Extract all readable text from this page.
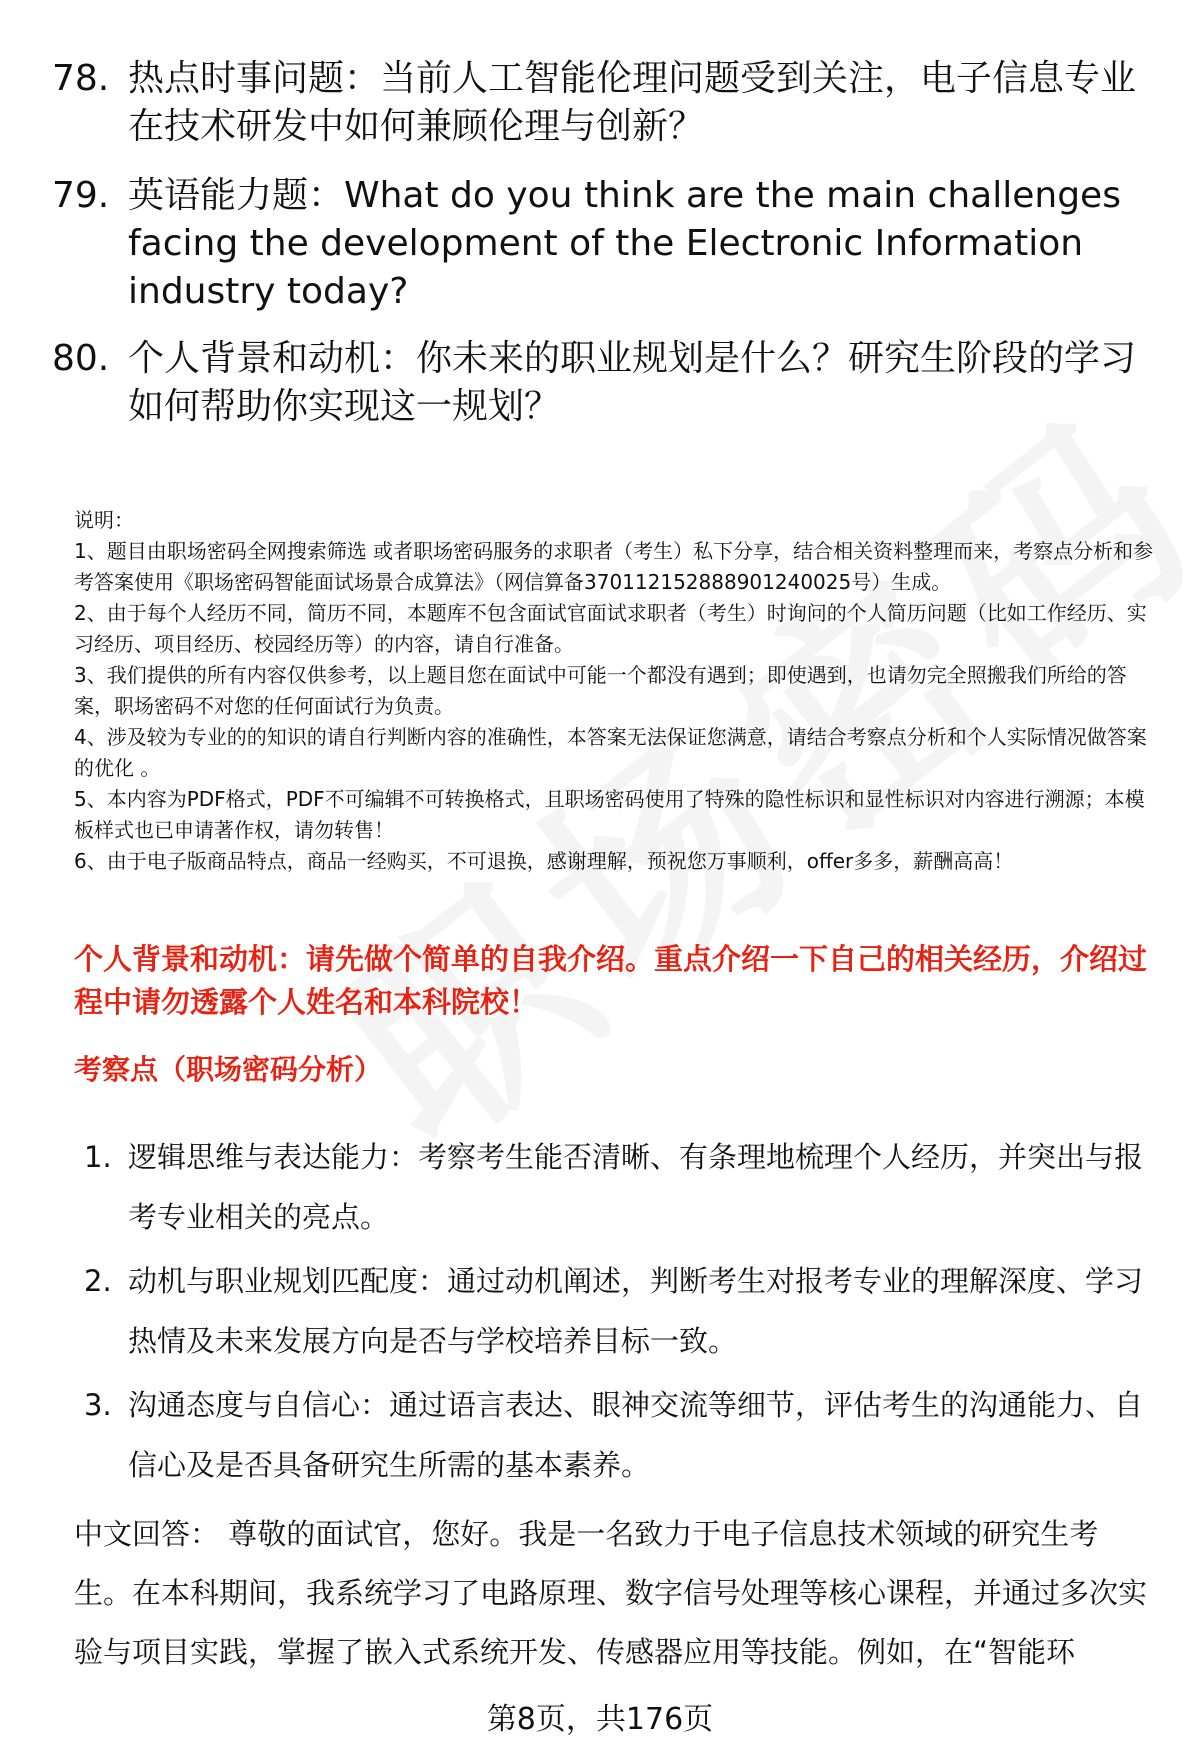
78. 热点时事问题：当前人工智能伦理问题受到关注，电子信息专业在技术研发中如何兼顾伦理与创新？
79. 英语能力题：What do you think are the main challenges facing the development of the Electronic Information industry today?
80. 个人背景和动机：你未来的职业规划是什么？研究生阶段的学习如何帮助你实现这一规划？
说明：
1、题目由职场密码全网搜索筛选 或者职场密码服务的求职者（考生）私下分享，结合相关资料整理而来，考察点分析和参考答案使用《职场密码智能面试场景合成算法》（网信算备370112152888901240025号）生成。
2、由于每个人经历不同，简历不同，本题库不包含面试官面试求职者（考生）时询问的个人简历问题（比如工作经历、实习经历、项目经历、校园经历等）的内容，请自行准备。
3、我们提供的所有内容仅供参考，以上题目您在面试中可能一个都没有遇到；即使遇到，也请勿完全照搬我们所给的答案，职场密码不对您的任何面试行为负责。
4、涉及较为专业的的知识的请自行判断内容的准确性，本答案无法保证您满意，请结合考察点分析和个人实际情况做答案的优化 。
5、本内容为PDF格式，PDF不可编辑不可转换格式，且职场密码使用了特殊的隐性标识和显性标识对内容进行溯源；本模板样式也已申请著作权，请勿转售！
6、由于电子版商品特点，商品一经购买，不可退换，感谢理解，预祝您万事顺利，offer多多，薪酬高高！
个人背景和动机：请先做个简单的自我介绍。重点介绍一下自己的相关经历，介绍过程中请勿透露个人姓名和本科院校！
考察点（职场密码分析）
1. 逻辑思维与表达能力：考察考生能否清晰、有条理地梳理个人经历，并突出与报考专业相关的亮点。
2. 动机与职业规划匹配度：通过动机阐述，判断考生对报考专业的理解深度、学习热情及未来发展方向是否与学校培养目标一致。
3. 沟通态度与自信心：通过语言表达、眼神交流等细节，评估考生的沟通能力、自信心及是否具备研究生所需的基本素养。
中文回答： 尊敬的面试官，您好。我是一名致力于电子信息技术领域的研究生考生。在本科期间，我系统学习了电路原理、数字信号处理等核心课程，并通过多次实验与项目实践，掌握了嵌入式系统开发、传感器应用等技能。例如，在“智能环
第8页，共176页
